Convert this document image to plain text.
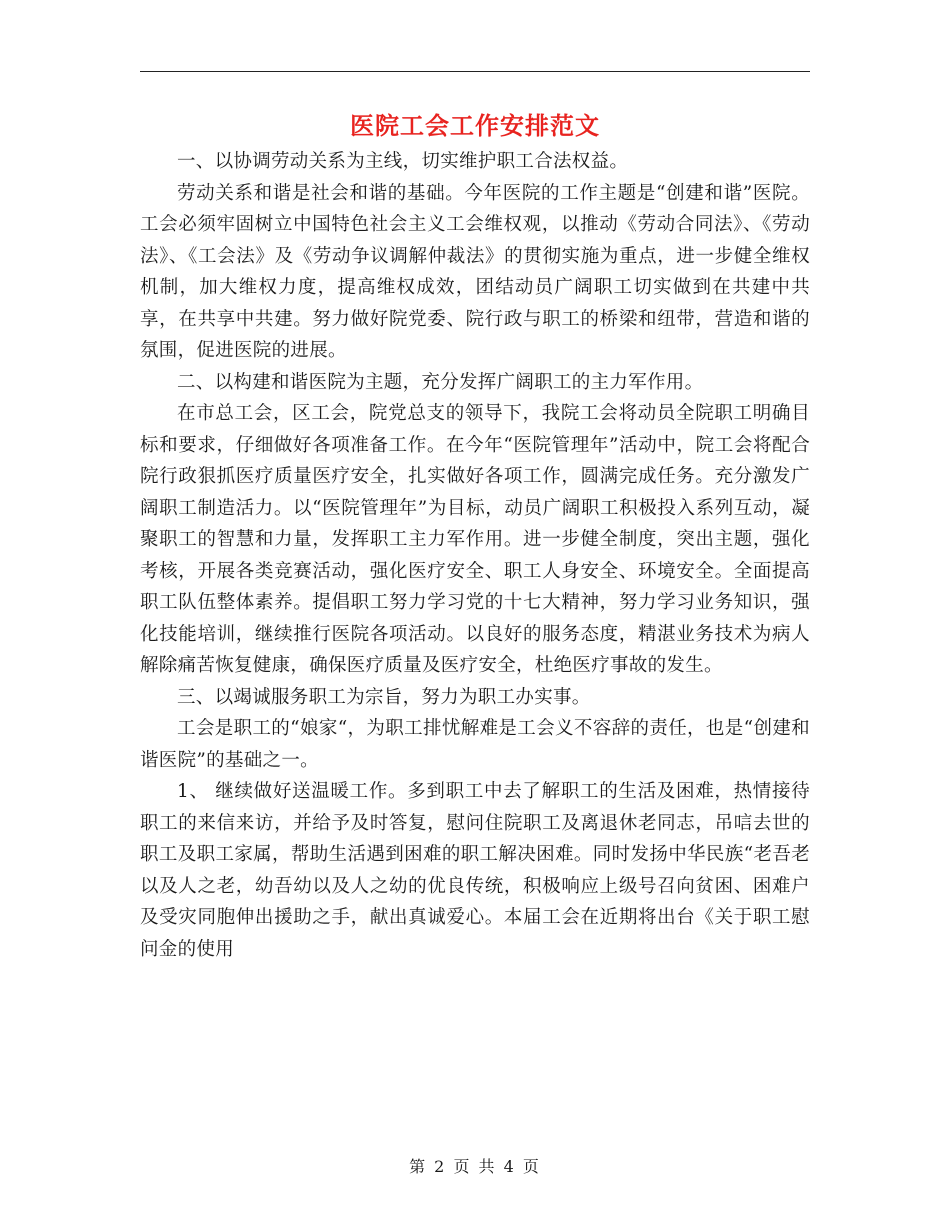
医院工会工作安排范文

一、以协调劳动关系为主线，切实维护职工合法权益。

劳动关系和谐是社会和谐的基础。今年医院的工作主题是“创建和谐”医院。工会必须牢固树立中国特色社会主义工会维权观，以推动《劳动合同法》、《劳动法》、《工会法》及《劳动争议调解仲裁法》的贯彻实施为重点，进一步健全维权机制，加大维权力度，提高维权成效，团结动员广阔职工切实做到在共建中共享，在共享中共建。努力做好院党委、院行政与职工的桥梁和纽带，营造和谐的氛围，促进医院的进展。

二、以构建和谐医院为主题，充分发挥广阔职工的主力军作用。

在市总工会，区工会，院党总支的领导下，我院工会将动员全院职工明确目标和要求，仔细做好各项准备工作。在今年“医院管理年”活动中，院工会将配合院行政狠抓医疗质量医疗安全，扎实做好各项工作，圆满完成任务。充分激发广阔职工制造活力。以“医院管理年”为目标，动员广阔职工积极投入系列互动，凝聚职工的智慧和力量，发挥职工主力军作用。进一步健全制度，突出主题，强化考核，开展各类竞赛活动，强化医疗安全、职工人身安全、环境安全。全面提高职工队伍整体素养。提倡职工努力学习党的十七大精神，努力学习业务知识，强化技能培训，继续推行医院各项活动。以良好的服务态度，精湛业务技术为病人解除痛苦恢复健康，确保医疗质量及医疗安全，杜绝医疗事故的发生。

三、以竭诚服务职工为宗旨，努力为职工办实事。

工会是职工的“娘家“，为职工排忧解难是工会义不容辞的责任，也是“创建和谐医院”的基础之一。

1、 继续做好送温暖工作。多到职工中去了解职工的生活及困难，热情接待职工的来信来访，并给予及时答复，慰问住院职工及离退休老同志，吊唁去世的职工及职工家属，帮助生活遇到困难的职工解决困难。同时发扬中华民族“老吾老以及人之老，幼吾幼以及人之幼的优良传统，积极响应上级号召向贫困、困难户及受灾同胞伸出援助之手，献出真诚爱心。本届工会在近期将出台《关于职工慰问金的使用

第 2 页 共 4 页
